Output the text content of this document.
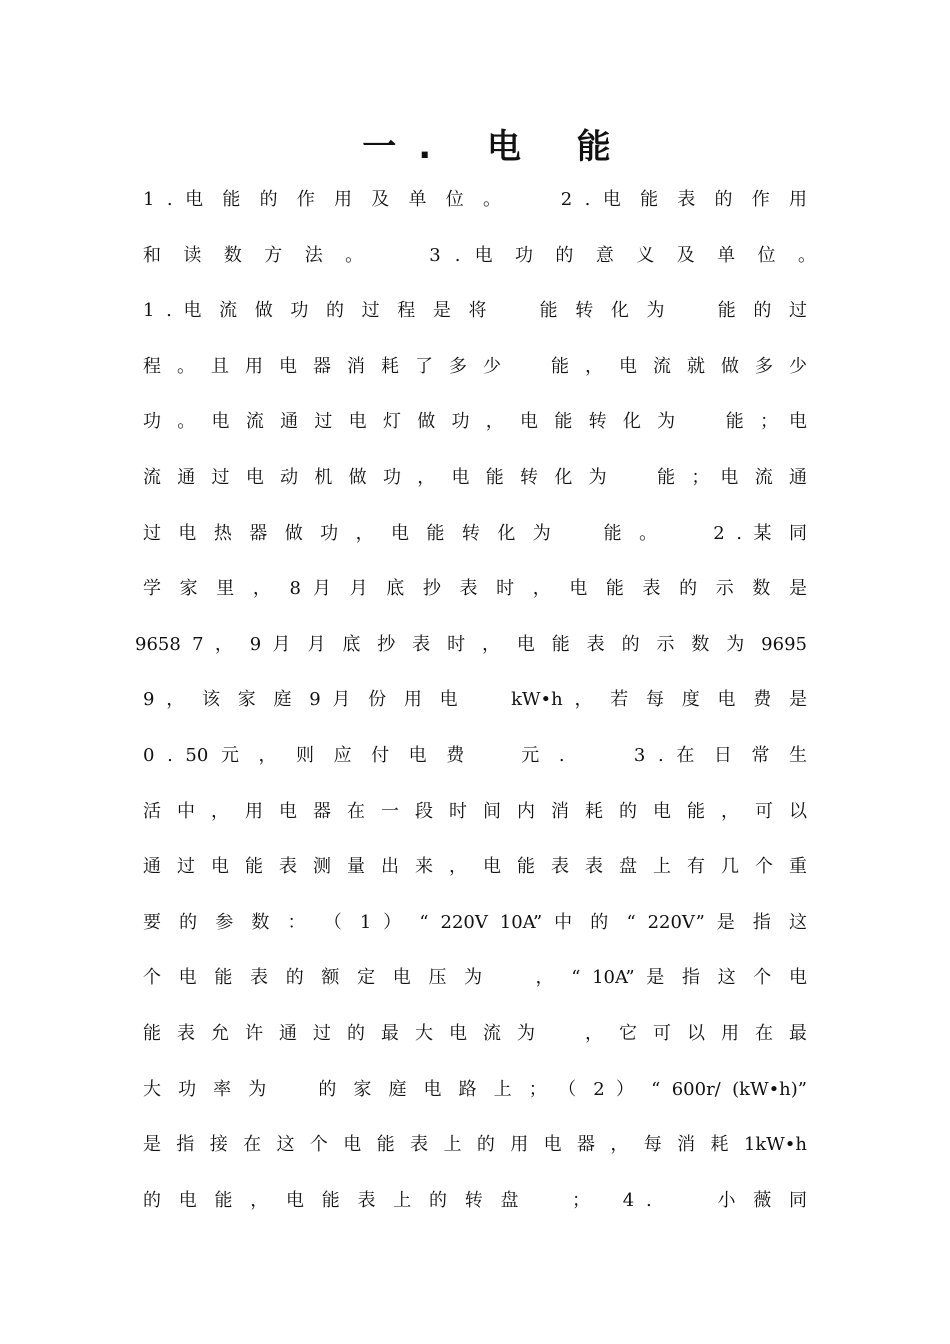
一. 电 能
1 . 电 能 的 作 用 及 单 位 。　　 2 . 电 能 表 的 作 用
和 读 数 方 法 。　　 3 . 电 功 的 意 义 及 单 位 。　　　　　　
1 . 电 流 做 功 的 过 程 是 将 　 能 转 化 为 　 能 的 过
程 。 且 用 电 器 消 耗 了 多 少 　 能 ， 电 流 就 做 多 少
功 。 电 流 通 过 电 灯 做 功 ， 电 能 转 化 为 　 能 ； 电
流 通 过 电 动 机 做 功 ， 电 能 转 化 为 　 能 ； 电 流 通
过 电 热 器 做 功 ， 电 能 转 化 为 　 能 。　　 2 . 某 同
学 家 里 ， 8 月 月 底 抄 表 时 ， 电 能 表 的 示 数 是 　
9658 7 ， 9 月 月 底 抄 表 时 ， 电 能 表 的 示 数 为 9695
9 ， 该 家 庭 9 月 份 用 电 　 kW•h ， 若 每 度 电 费 是
0 . 50 元 ， 则 应 付 电 费 　 元 .　　 3 . 在 日 常 生
活 中 ， 用 电 器 在 一 段 时 间 内 消 耗 的 电 能 ， 可 以
通 过 电 能 表 测 量 出 来 ， 电 能 表 表 盘 上 有 几 个 重
要 的 参 数 ： （ 1 ） “ 220V 10A” 中 的 “ 220V” 是 指 这
个 电 能 表 的 额 定 电 压 为 　 ， “ 10A” 是 指 这 个 电
能 表 允 许 通 过 的 最 大 电 流 为 　 ， 它 可 以 用 在 最
大 功 率 为 　 的 家 庭 电 路 上 ； （ 2 ） “ 600r/ (kW•h)”
是 指 接 在 这 个 电 能 表 上 的 用 电 器 ， 每 消 耗 1kW•h
的 电 能 ， 电 能 表 上 的 转 盘 　 ；　 4 .　　 小 薇 同
